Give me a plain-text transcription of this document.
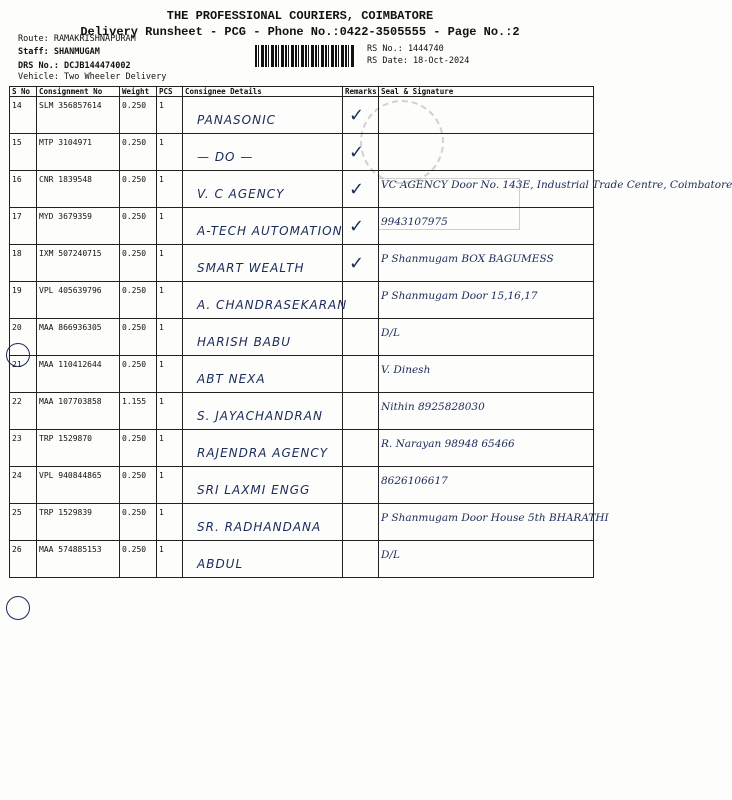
THE PROFESSIONAL COURIERS, COIMBATORE
Delivery Runsheet - PCG - Phone No.:0422-3505555 - Page No.:2
Route: RAMAKRISHNAPURAM
Staff: SHANMUGAM
DRS No.: DCJB144474002
Vehicle: Two Wheeler Delivery
RS No.: 1444740
RS Date: 18-Oct-2024
S No	Consignment No	Weight	PCS	Consignee Details	Remarks	Seal & Signature
14	SLM 356857614	0.250	1	PANASONIC	✓	

15	MTP 3104971	0.250	1	— DO —	✓	

16	CNR 1839548	0.250	1	V. C AGENCY	✓	VC AGENCY Door No. 143E, Industrial Trade Centre, Coimbatore

17	MYD 3679359	0.250	1	A-TECH AUTOMATION	✓	9943107975

18	IXM 507240715	0.250	1	SMART WEALTH	✓	P Shanmugam BOX BAGUMESS

19	VPL 405639796	0.250	1	A. CHANDRASEKARAN		P Shanmugam Door 15,16,17

20	MAA 866936305	0.250	1	HARISH BABU		D/L

21	MAA 110412644	0.250	1	ABT NEXA		V. Dinesh

22	MAA 107703858	1.155	1	S. JAYACHANDRAN		Nithin 8925828030

23	TRP 1529870	0.250	1	RAJENDRA AGENCY		R. Narayan 98948 65466

24	VPL 940844865	0.250	1	SRI LAXMI ENGG		8626106617

25	TRP 1529839	0.250	1	SR. RADHANDANA		P Shanmugam Door House 5th BHARATHI

26	MAA 574885153	0.250	1	ABDUL		D/L
